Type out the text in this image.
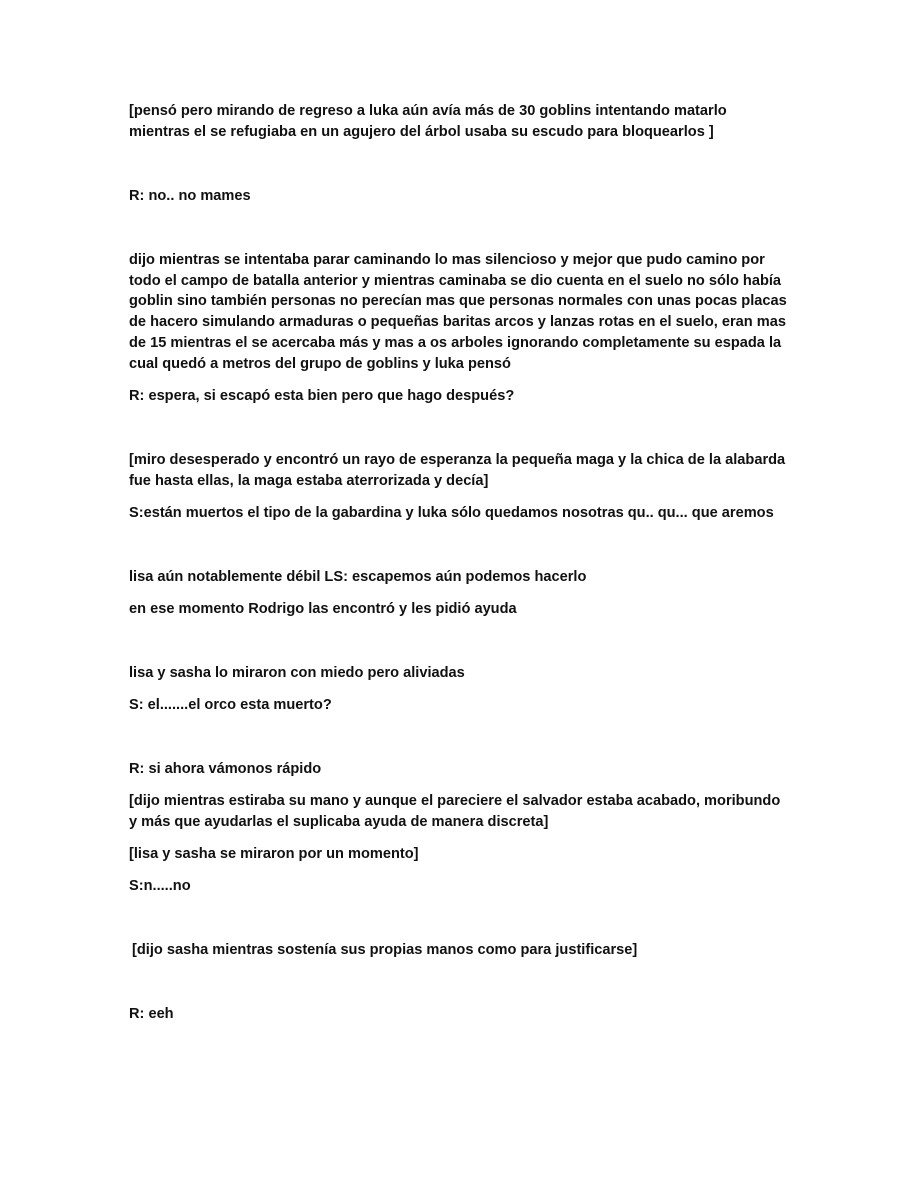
[pensó pero mirando de regreso a luka aún avía más de 30 goblins intentando matarlo mientras el se refugiaba en un agujero del árbol usaba su escudo para bloquearlos ]

R: no.. no mames

dijo mientras se intentaba parar caminando lo mas silencioso y mejor que pudo camino por todo el campo de batalla anterior y mientras caminaba se dio cuenta en el suelo no sólo había goblin sino también personas no perecían mas que personas normales con unas pocas placas de hacero simulando armaduras o pequeñas baritas arcos y lanzas rotas en el suelo, eran mas de 15 mientras el se acercaba más y mas a os arboles ignorando completamente su espada la cual quedó a metros del grupo de goblins y luka pensó

R: espera, si escapó esta bien pero que hago después?

[miro desesperado y encontró un rayo de esperanza la pequeña maga y la chica de la alabarda fue hasta ellas, la maga estaba aterrorizada y decía]

S:están muertos el tipo de la gabardina y luka sólo quedamos nosotras qu.. qu... que aremos

lisa aún notablemente débil LS: escapemos aún podemos hacerlo

en ese momento Rodrigo las encontró y les pidió ayuda

lisa y sasha lo miraron con miedo pero aliviadas

S: el.......el orco esta muerto?

R: si ahora vámonos rápido

[dijo mientras estiraba su mano y aunque el pareciere el salvador estaba acabado, moribundo y más que ayudarlas el suplicaba ayuda de manera discreta]

[lisa y sasha se miraron por un momento]

S:n.....no

[dijo sasha mientras sostenía sus propias manos como para justificarse]

R: eeh
